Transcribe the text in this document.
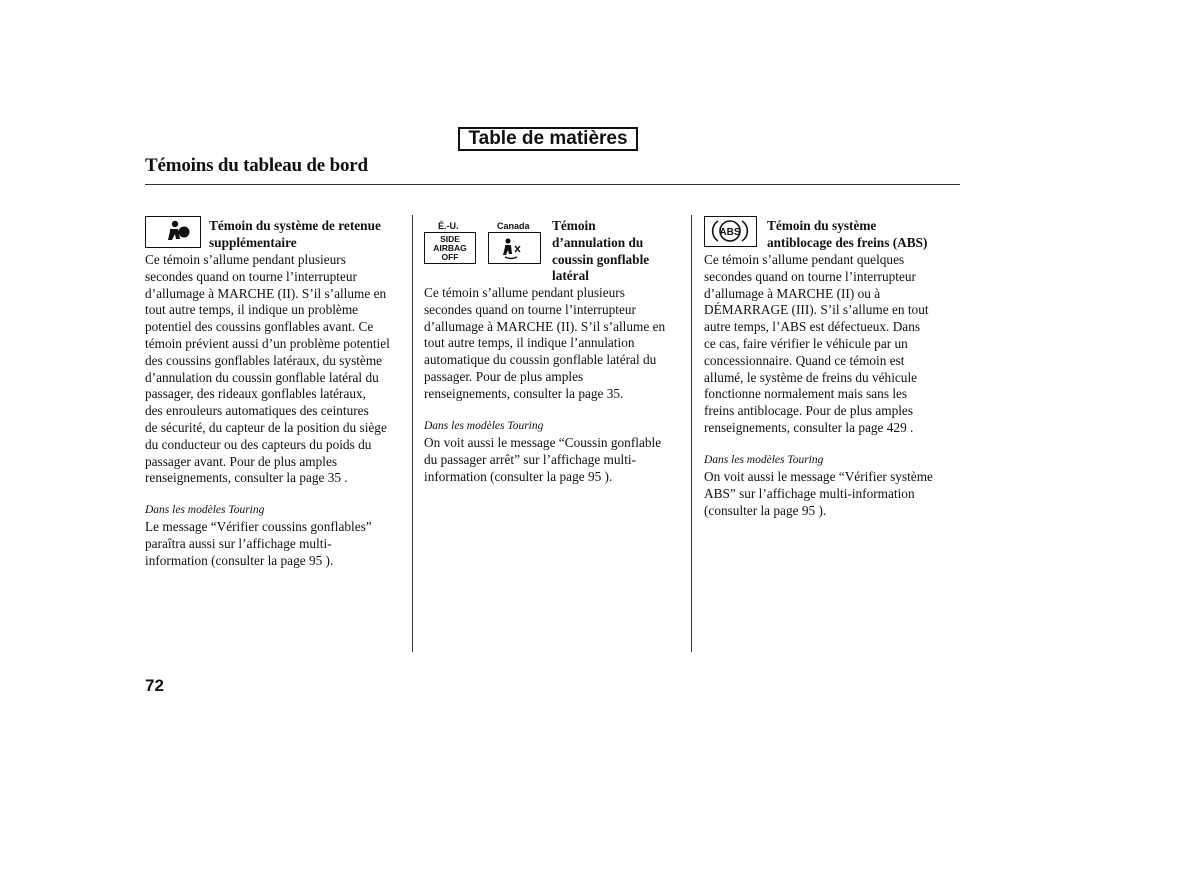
Table de matières
Témoins du tableau de bord
Témoin du système de retenue supplémentaire
Ce témoin s’allume pendant plusieurs
secondes quand on tourne l’interrupteur
d’allumage à MARCHE (II). S’il s’allume en
tout autre temps, il indique un problème
potentiel des coussins gonflables avant. Ce
témoin prévient aussi d’un problème potentiel
des coussins gonflables latéraux, du système
d’annulation du coussin gonflable latéral du
passager, des rideaux gonflables latéraux,
des enrouleurs automatiques des ceintures
de sécurité, du capteur de la position du siège
du conducteur ou des capteurs du poids du
passager avant. Pour de plus amples
renseignements, consulter la page 35 .
Dans les modèles Touring
Le message “Vérifier coussins gonflables”
paraîtra aussi sur l’affichage multi-
information (consulter la page 95 ).
É.-U.	Canada
SIDE
AIRBAG
OFF
Témoin
d’annulation du
coussin gonflable
latéral
Ce témoin s’allume pendant plusieurs
secondes quand on tourne l’interrupteur
d’allumage à MARCHE (II). S’il s’allume en
tout autre temps, il indique l’annulation
automatique du coussin gonflable latéral du
passager. Pour de plus amples
renseignements, consulter la page 35.
Dans les modèles Touring
On voit aussi le message “Coussin gonflable
du passager arrêt” sur l’affichage multi-
information (consulter la page 95 ).
ABS Témoin du système
antiblocage des freins (ABS)
Ce témoin s’allume pendant quelques
secondes quand on tourne l’interrupteur
d’allumage à MARCHE (II) ou à
DÉMARRAGE (III). S’il s’allume en tout
autre temps, l’ABS est défectueux. Dans
ce cas, faire vérifier le véhicule par un
concessionnaire. Quand ce témoin est
allumé, le système de freins du véhicule
fonctionne normalement mais sans les
freins antiblocage. Pour de plus amples
renseignements, consulter la page 429 .
Dans les modèles Touring
On voit aussi le message “Vérifier système
ABS” sur l’affichage multi-information
(consulter la page 95 ).
72
